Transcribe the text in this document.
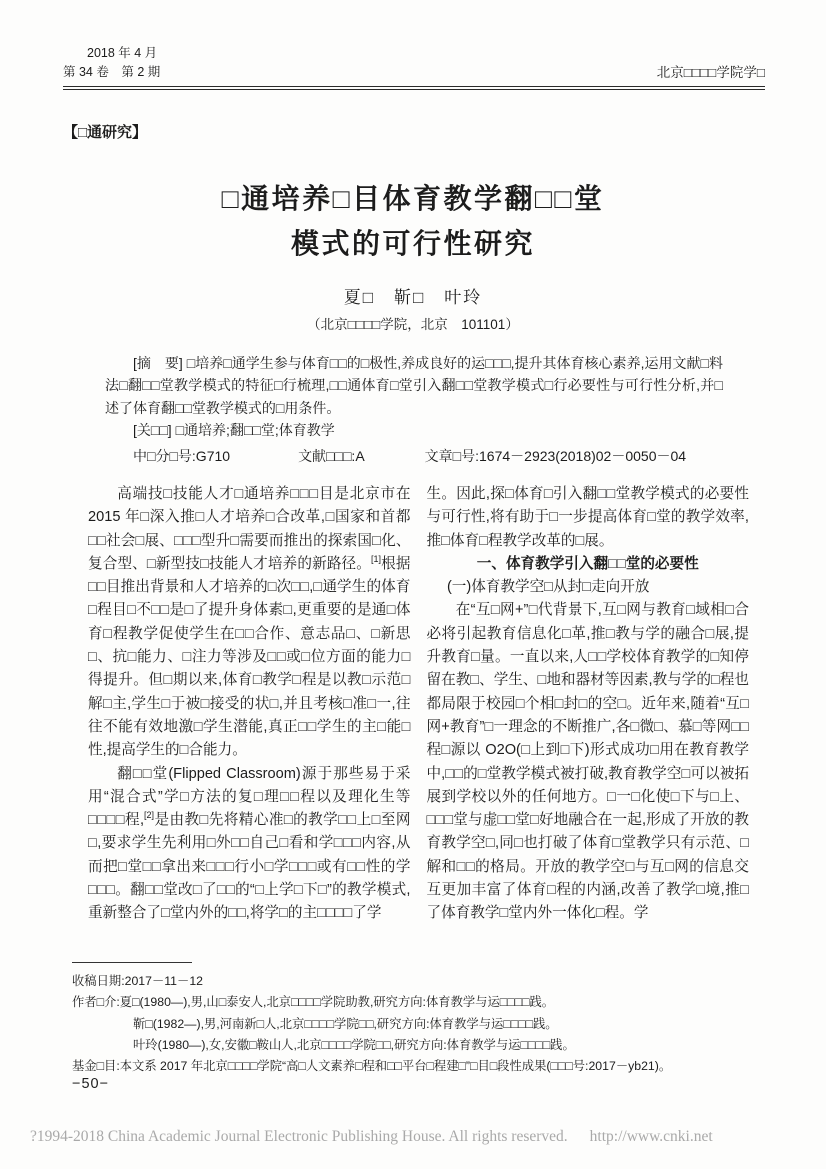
2018 年 4 月
第 34 卷　第 2 期	北京□□□□学院学□
【□通研究】
□通培养□目体育教学翻□□堂
模式的可行性研究
夏□　靳□　叶玲
（北京□□□□学院，北京　101101）
[摘　要] □培养□通学生参与体育□□的□极性,养成良好的运□□□,提升其体育核心素养,运用文献□料法□翻□□堂教学模式的特征□行梳理,□□通体育□堂引入翻□□堂教学模式□行必要性与可行性分析,并□述了体育翻□□堂教学模式的□用条件。
[关□□] □通培养;翻□□堂;体育教学
中□分□号:G710	文献□□□:A	文章□号:1674－2923(2018)02－0050－04

高端技□技能人才□通培养□□□目是北京市在 2015 年□深入推□人才培养□合改革,□国家和首都□□社会□展、□□□型升□需要而推出的探索国□化、复合型、□新型技□技能人才培养的新路径。[1]根据□□目推出背景和人才培养的□次□□,□通学生的体育□程目□不□□是□了提升身体素□,更重要的是通□体育□程教学促使学生在□□合作、意志品□、□新思□、抗□能力、□注力等涉及□□或□位方面的能力□得提升。但□期以来,体育□教学□程是以教□示范□解□主,学生□于被□接受的状□,并且考核□准□一,往往不能有效地激□学生潜能,真正□□学生的主□能□性,提高学生的□合能力。

翻□□堂(Flipped Classroom)源于那些易于采用“混合式”学□方法的复□理□□程以及理化生等□□□□程,[2]是由教□先将精心准□的教学□□上□至网□,要求学生先利用□外□□自己□看和学□□□内容,从而把□堂□□拿出来□□□行小□学□□□或有□□性的学□□□。翻□□堂改□了□□的“□上学□下□”的教学模式,重新整合了□堂内外的□□,将学□的主□□□□了学

生。因此,探□体育□引入翻□□堂教学模式的必要性与可行性,将有助于□一步提高体育□堂的教学效率,推□体育□程教学改革的□展。

一、体育教学引入翻□□堂的必要性

(一)体育教学空□从封□走向开放

在“互□网+”□代背景下,互□网与教育□域相□合必将引起教育信息化□革,推□教与学的融合□展,提升教育□量。一直以来,人□□学校体育教学的□知停留在教□、学生、□地和器材等因素,教与学的□程也都局限于校园□个相□封□的空□。近年来,随着“互□网+教育”□一理念的不断推广,各□微□、慕□等网□□程□源以 O2O(□上到□下)形式成功□用在教育教学中,□□的□堂教学模式被打破,教育教学空□可以被拓展到学校以外的任何地方。□一□化使□下与□上、□□□堂与虚□□堂□好地融合在一起,形成了开放的教育教学空□,同□也打破了体育□堂教学只有示范、□解和□□的格局。开放的教学空□与互□网的信息交互更加丰富了体育□程的内涵,改善了教学□境,推□了体育教学□堂内外一体化□程。学

收稿日期:2017－11－12
作者□介:夏□(1980—),男,山□泰安人,北京□□□□学院助教,研究方向:体育教学与运□□□□践。
靳□(1982—),男,河南新□人,北京□□□□学院□□,研究方向:体育教学与运□□□□践。
叶玲(1980—),女,安徽□鞍山人,北京□□□□学院□□,研究方向:体育教学与运□□□□践。
基金□目:本文系 2017 年北京□□□□学院“高□人文素养□程和□□平台□程建□”□目□段性成果(□□□号:2017－yb21)。
−50−
?1994-2018 China Academic Journal Electronic Publishing House. All rights reserved. http://www.cnki.net
